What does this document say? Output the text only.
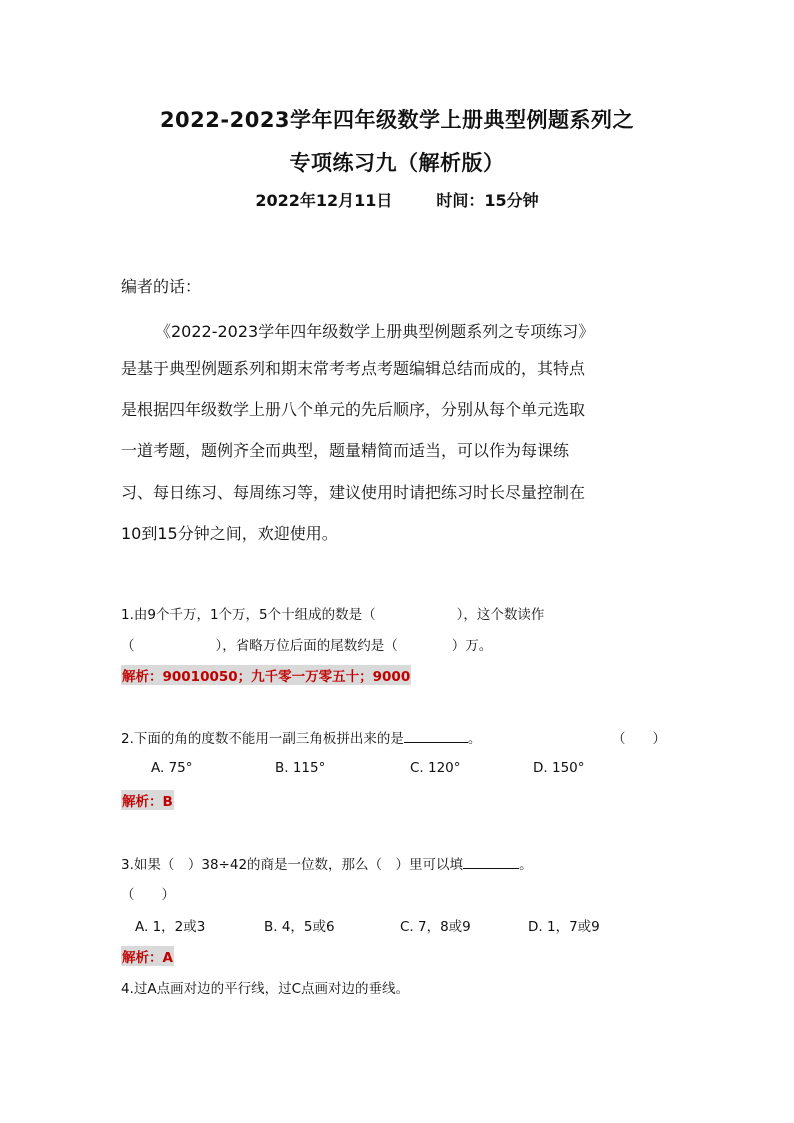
2022-2023学年四年级数学上册典型例题系列之
专项练习九（解析版）
2022年12月11日	时间：15分钟
编者的话：
《2022-2023学年四年级数学上册典型例题系列之专项练习》
是基于典型例题系列和期末常考考点考题编辑总结而成的，其特点
是根据四年级数学上册八个单元的先后顺序，分别从每个单元选取
一道考题，题例齐全而典型，题量精简而适当，可以作为每课练
习、每日练习、每周练习等，建议使用时请把练习时长尽量控制在
10到15分钟之间，欢迎使用。
1.由9个千万，1个万，5个十组成的数是（　　　　　　），这个数读作
（　　　　　　），省略万位后面的尾数约是（　　　　）万。
解析：90010050；九千零一万零五十；9000
2.下面的角的度数不能用一副三角板拼出来的是	。	（　　）
A. 75°	B. 115°	C. 120°	D. 150°
解析：B
3.如果（　）38÷42的商是一位数，那么（　）里可以填	。
（　　）
A. 1，2或3	B. 4，5或6	C. 7，8或9	D. 1，7或9
解析：A
4.过A点画对边的平行线，过C点画对边的垂线。
